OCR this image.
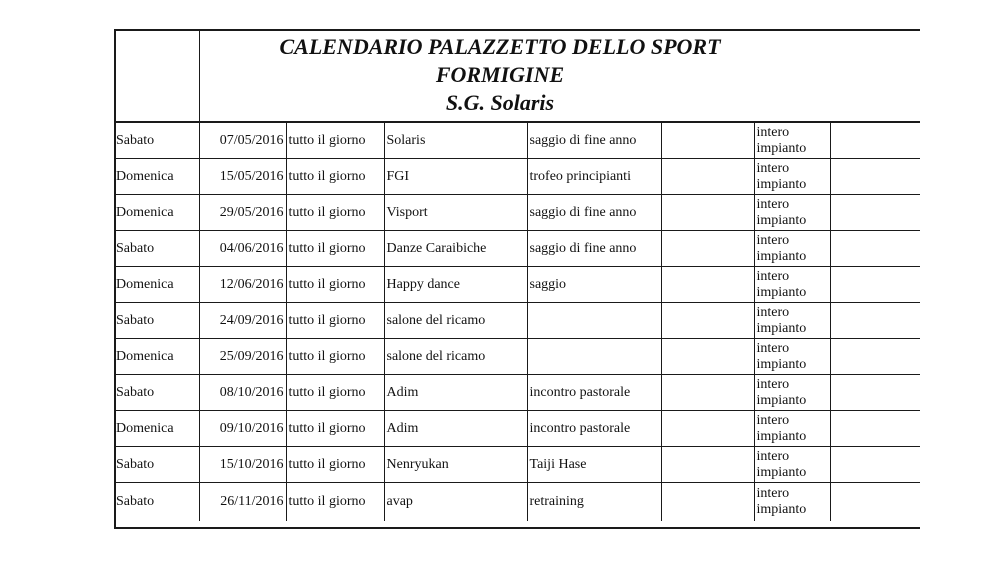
CALENDARIO PALAZZETTO DELLO SPORT
FORMIGINE
S.G. Solaris
Sabato	07/05/2016	tutto il giorno	Solaris	saggio di fine anno		intero
impianto	

Domenica	15/05/2016	tutto il giorno	FGI	trofeo principianti		intero
impianto	

Domenica	29/05/2016	tutto il giorno	Visport	saggio di fine anno		intero
impianto	

Sabato	04/06/2016	tutto il giorno	Danze Caraibiche	saggio di fine anno		intero
impianto	

Domenica	12/06/2016	tutto il giorno	Happy dance	saggio		intero
impianto	

Sabato	24/09/2016	tutto il giorno	salone del ricamo			intero
impianto	

Domenica	25/09/2016	tutto il giorno	salone del ricamo			intero
impianto	

Sabato	08/10/2016	tutto il giorno	Adim	incontro pastorale		intero
impianto	

Domenica	09/10/2016	tutto il giorno	Adim	incontro pastorale		intero
impianto	

Sabato	15/10/2016	tutto il giorno	Nenryukan	Taiji Hase		intero
impianto	

Sabato	26/11/2016	tutto il giorno	avap	retraining		intero
impianto	
